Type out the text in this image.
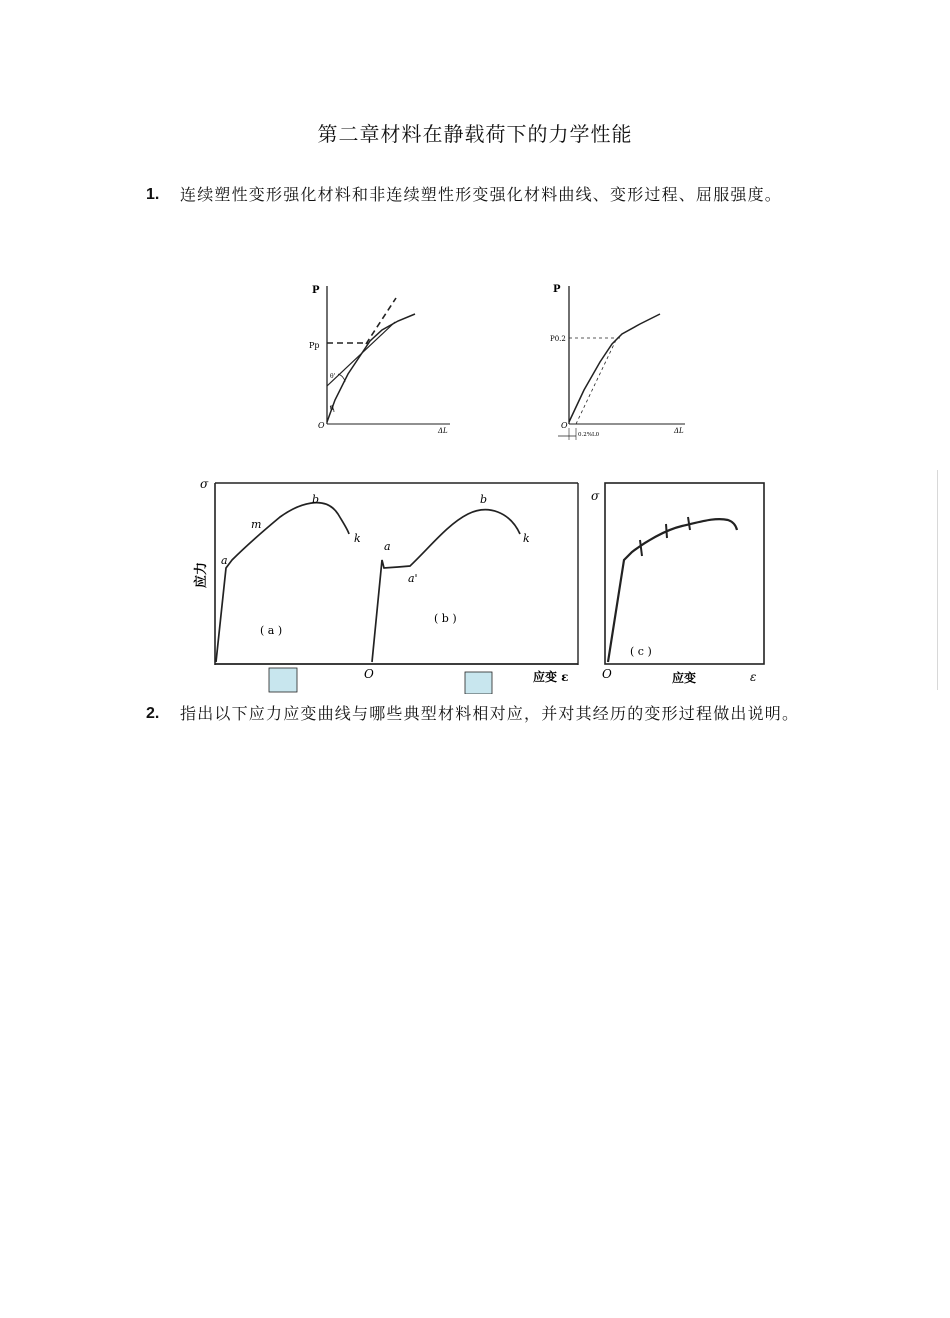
第二章材料在静载荷下的力学性能
1. 连续塑性变形强化材料和非连续塑性形变强化材料曲线、变形过程、屈服强度。
P
Pp
θ'
θ
O
ΔL
P
P0.2
O
0.2%L0	ΔL
σ
σ
应力
a
m
b
k
( a )
a
a'
b
k
( b )
( c )
O	应变 ε	O	应变	ε
2. 指出以下应力应变曲线与哪些典型材料相对应，并对其经历的变形过程做出说明。
